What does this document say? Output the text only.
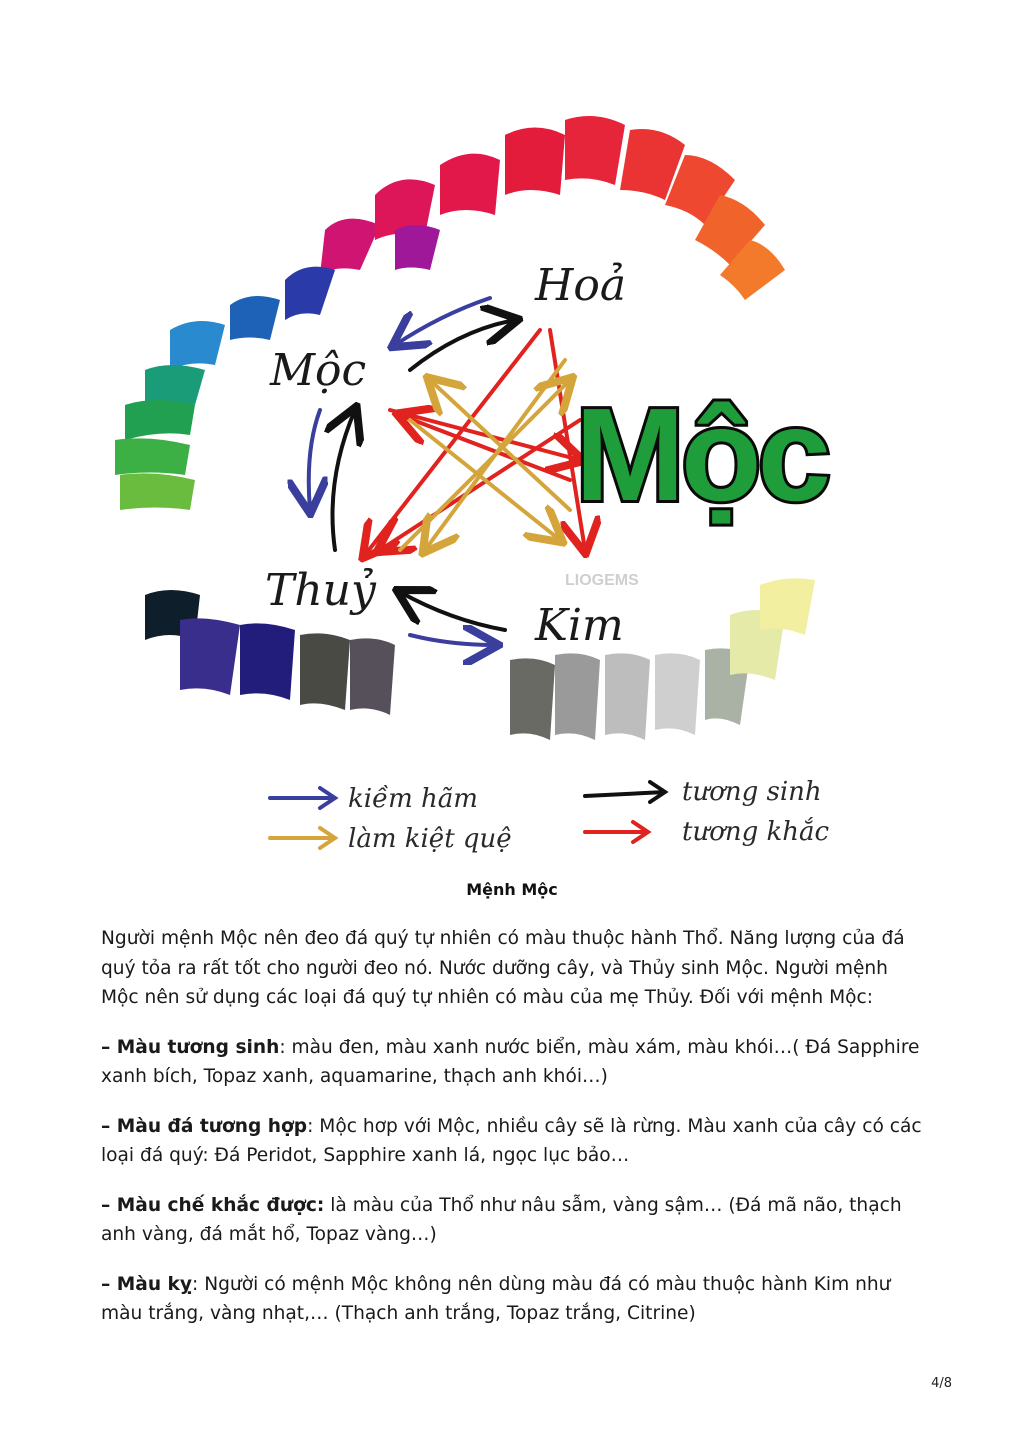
Hoả
Mộc
Thuỷ
Kim
Mộc
LIOGEMS
kiềm hãm
làm kiệt quệ
tương sinh
tương khắc
Mệnh Mộc

Người mệnh Mộc nên đeo đá quý tự nhiên có màu thuộc hành Thổ. Năng lượng của đá quý tỏa ra rất tốt cho người đeo nó. Nước dưỡng cây, và Thủy sinh Mộc. Người mệnh Mộc nên sử dụng các loại đá quý tự nhiên có màu của mẹ Thủy. Đối với mệnh Mộc:

– Màu tương sinh: màu đen, màu xanh nước biển, màu xám, màu khói…( Đá Sapphire xanh bích, Topaz xanh, aquamarine, thạch anh khói…)

– Màu đá tương hợp: Mộc hơp với Mộc, nhiều cây sẽ là rừng. Màu xanh của cây có các loại đá quý: Đá Peridot, Sapphire xanh lá, ngọc lục bảo…

– Màu chế khắc được: là màu của Thổ như nâu sẫm, vàng sậm… (Đá mã não, thạch anh vàng, đá mắt hổ, Topaz vàng…)

– Màu kỵ: Người có mệnh Mộc không nên dùng màu đá có màu thuộc hành Kim như màu trắng, vàng nhạt,… (Thạch anh trắng, Topaz trắng, Citrine)

4/8
